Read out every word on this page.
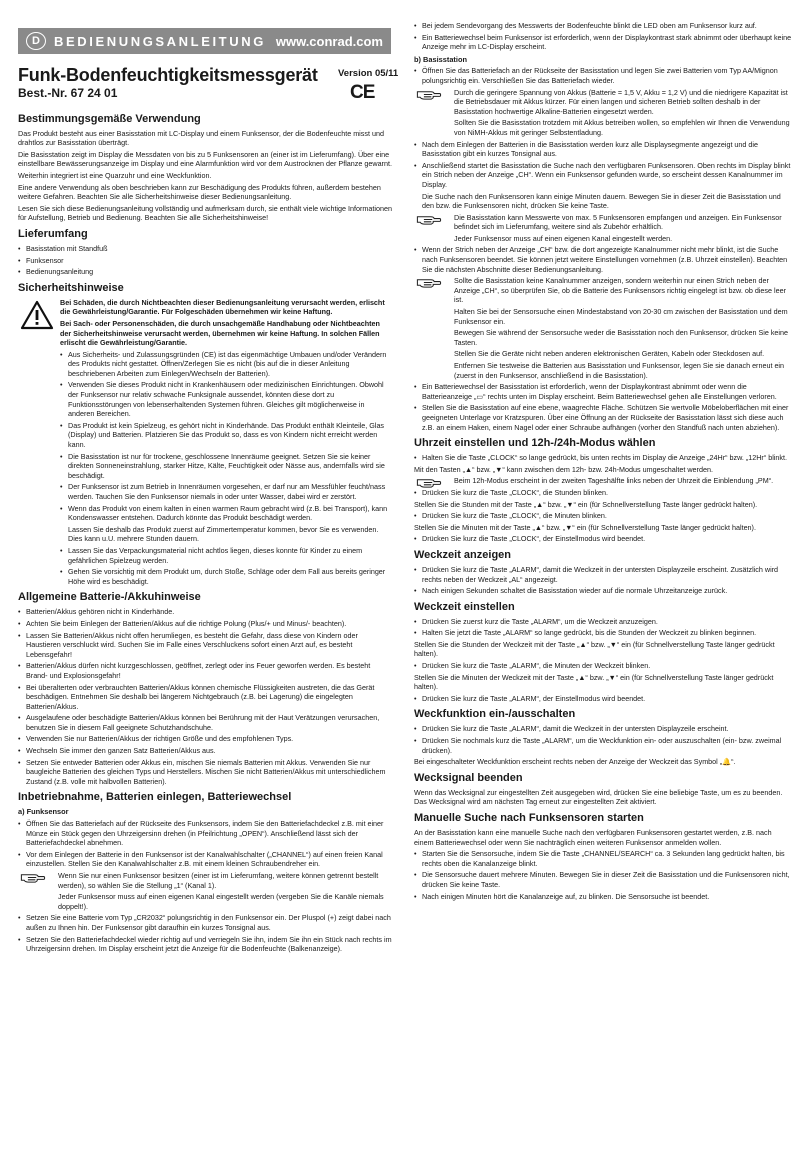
D	BEDIENUNGSANLEITUNG www.conrad.com
Version 05/11
CE
Funk-Bodenfeuchtigkeitsmessgerät
Best.-Nr. 67 24 01
Bestimmungsgemäße Verwendung

Das Produkt besteht aus einer Basisstation mit LC-Display und einem Funksensor, der die Bodenfeuchte misst und drahtlos zur Basisstation überträgt.

Die Basisstation zeigt im Display die Messdaten von bis zu 5 Funksensoren an (einer ist im Lieferumfang). Über eine einstellbare Bewässerungsanzeige im Display und eine Alarmfunktion wird vor dem Austrocknen der Pflanze gewarnt.

Weiterhin integriert ist eine Quarzuhr und eine Weckfunktion.

Eine andere Verwendung als oben beschrieben kann zur Beschädigung des Produkts führen, außerdem bestehen weitere Gefahren. Beachten Sie alle Sicherheitshinweise dieser Bedienungsanleitung.

Lesen Sie sich diese Bedienungsanleitung vollständig und aufmerksam durch, sie enthält viele wichtige Informationen für Aufstellung, Betrieb und Bedienung. Beachten Sie alle Sicherheitshinweise!

Lieferumfang
• Basisstation mit Standfuß
• Funksensor
• Bedienungsanleitung
Sicherheitshinweise

Bei Schäden, die durch Nichtbeachten dieser Bedienungsanleitung verursacht werden, erlischt die Gewährleistung/Garantie. Für Folgeschäden übernehmen wir keine Haftung.

Bei Sach- oder Personenschäden, die durch unsachgemäße Handhabung oder Nichtbeachten der Sicherheitshinweise verursacht werden, übernehmen wir keine Haftung. In solchen Fällen erlischt die Gewährleistung/Garantie.

• Aus Sicherheits- und Zulassungsgründen (CE) ist das eigenmächtige Umbauen und/oder Verändern des Produkts nicht gestattet. Öffnen/Zerlegen Sie es nicht (bis auf die in dieser Anleitung beschriebenen Arbeiten zum Einlegen/Wechseln der Batterien).
• Verwenden Sie dieses Produkt nicht in Krankenhäusern oder medizinischen Einrichtungen. Obwohl der Funksensor nur relativ schwache Funksignale aussendet, könnten diese dort zu Funktionsstörungen von lebenserhaltenden Systemen führen. Gleiches gilt möglicherweise in anderen Bereichen.
• Das Produkt ist kein Spielzeug, es gehört nicht in Kinderhände. Das Produkt enthält Kleinteile, Glas (Display) und Batterien. Platzieren Sie das Produkt so, dass es von Kindern nicht erreicht werden kann.
• Die Basisstation ist nur für trockene, geschlossene Innenräume geeignet. Setzen Sie sie keiner direkten Sonneneinstrahlung, starker Hitze, Kälte, Feuchtigkeit oder Nässe aus, andernfalls wird sie beschädigt.
• Der Funksensor ist zum Betrieb in Innenräumen vorgesehen, er darf nur am Messfühler feucht/nass werden. Tauchen Sie den Funksensor niemals in oder unter Wasser, dabei wird er zerstört.
• Wenn das Produkt von einem kalten in einen warmen Raum gebracht wird (z.B. bei Transport), kann Kondenswasser entstehen. Dadurch könnte das Produkt beschädigt werden.

Lassen Sie deshalb das Produkt zuerst auf Zimmertemperatur kommen, bevor Sie es verwenden. Dies kann u.U. mehrere Stunden dauern.

• Lassen Sie das Verpackungsmaterial nicht achtlos liegen, dieses konnte für Kinder zu einem gefährlichen Spielzeug werden.
• Gehen Sie vorsichtig mit dem Produkt um, durch Stoße, Schläge oder dem Fall aus bereits geringer Höhe wird es beschädigt.
Allgemeine Batterie-/Akkuhinweise
• Batterien/Akkus gehören nicht in Kinderhände.
• Achten Sie beim Einlegen der Batterien/Akkus auf die richtige Polung (Plus/+ und Minus/- beachten).
• Lassen Sie Batterien/Akkus nicht offen herumliegen, es besteht die Gefahr, dass diese von Kindern oder Haustieren verschluckt wird. Suchen Sie im Falle eines Verschluckens sofort einen Arzt auf, es besteht Lebensgefahr!
• Batterien/Akkus dürfen nicht kurzgeschlossen, geöffnet, zerlegt oder ins Feuer geworfen werden. Es besteht Brand- und Explosionsgefahr!
• Bei überalterten oder verbrauchten Batterien/Akkus können chemische Flüssigkeiten austreten, die das Gerät beschädigen. Entnehmen Sie deshalb bei längerem Nichtgebrauch (z.B. bei Lagerung) die eingelegten Batterien/Akkus.
• Ausgelaufene oder beschädigte Batterien/Akkus können bei Berührung mit der Haut Verätzungen verursachen, benutzen Sie in diesem Fall geeignete Schutzhandschuhe.
• Verwenden Sie nur Batterien/Akkus der richtigen Größe und des empfohlenen Typs.
• Wechseln Sie immer den ganzen Satz Batterien/Akkus aus.
• Setzen Sie entweder Batterien oder Akkus ein, mischen Sie niemals Batterien mit Akkus. Verwenden Sie nur baugleiche Batterien des gleichen Typs und Herstellers. Mischen Sie nicht Batterien/Akkus mit unterschiedlichem Zustand (z.B. volle mit halbvollen Batterien).
Inbetriebnahme, Batterien einlegen, Batteriewechsel
a) Funksensor
• Öffnen Sie das Batteriefach auf der Rückseite des Funksensors, indem Sie den Batteriefachdeckel z.B. mit einer Münze ein Stück gegen den Uhrzeigersinn drehen (in Pfeilrichtung „OPEN“). Anschließend lässt sich der Batteriefachdeckel abnehmen.
• Vor dem Einlegen der Batterie in den Funksensor ist der Kanalwahlschalter („CHANNEL“) auf einen freien Kanal einzustellen. Stellen Sie den Kanalwahlschalter z.B. mit einem kleinen Schraubendreher ein.

Wenn Sie nur einen Funksensor besitzen (einer ist im Lieferumfang, weitere können getrennt bestellt werden), so wählen Sie die Stellung „1“ (Kanal 1).

Jeder Funksensor muss auf einen eigenen Kanal eingestellt werden (vergeben Sie die Kanäle niemals doppelt!).

• Setzen Sie eine Batterie vom Typ „CR2032“ polungsrichtig in den Funksensor ein. Der Pluspol (+) zeigt dabei nach außen zu Ihnen hin. Der Funksensor gibt daraufhin ein kurzes Tonsignal aus.
• Setzen Sie den Batteriefachdeckel wieder richtig auf und verriegeln Sie ihn, indem Sie ihn ein Stück nach rechts im Uhrzeigersinn drehen. Im Display erscheint jetzt die Anzeige für die Bodenfeuchte (Balkenanzeige).
• Bei jedem Sendevorgang des Messwerts der Bodenfeuchte blinkt die LED oben am Funksensor kurz auf.
• Ein Batteriewechsel beim Funksensor ist erforderlich, wenn der Displaykontrast stark abnimmt oder überhaupt keine Anzeige mehr im LC-Display erscheint.
b) Basisstation
• Öffnen Sie das Batteriefach an der Rückseite der Basisstation und legen Sie zwei Batterien vom Typ AA/Mignon polungsrichtig ein. Verschließen Sie das Batteriefach wieder.

Durch die geringere Spannung von Akkus (Batterie = 1,5 V, Akku = 1,2 V) und die niedrigere Kapazität ist die Betriebsdauer mit Akkus kürzer. Für einen langen und sicheren Betrieb sollten deshalb in der Basisstation hochwertige Alkaline-Batterien eingesetzt werden.

Sollten Sie die Basisstation trotzdem mit Akkus betreiben wollen, so empfehlen wir Ihnen die Verwendung von NiMH-Akkus mit geringer Selbstentladung.

• Nach dem Einlegen der Batterien in die Basisstation werden kurz alle Displaysegmente angezeigt und die Basisstation gibt ein kurzes Tonsignal aus.
• Anschließend startet die Basisstation die Suche nach den verfügbaren Funksensoren. Oben rechts im Display blinkt ein Strich neben der Anzeige „CH“. Wenn ein Funksensor gefunden wurde, so erscheint dessen Kanalnummer im Display.

Die Suche nach den Funksensoren kann einige Minuten dauern. Bewegen Sie in dieser Zeit die Basisstation und den bzw. die Funksensoren nicht, drücken Sie keine Taste.

Die Basisstation kann Messwerte von max. 5 Funksensoren empfangen und anzeigen. Ein Funksensor befindet sich im Lieferumfang, weitere sind als Zubehör erhältlich.

Jeder Funksensor muss auf einen eigenen Kanal eingestellt werden.

• Wenn der Strich neben der Anzeige „CH“ bzw. die dort angezeigte Kanalnummer nicht mehr blinkt, ist die Suche nach Funksensoren beendet. Sie können jetzt weitere Einstellungen vornehmen (z.B. Uhrzeit einstellen). Beachten Sie die nächsten Abschnitte dieser Bedienungsanleitung.

Sollte die Basisstation keine Kanalnummer anzeigen, sondern weiterhin nur einen Strich neben der Anzeige „CH“, so überprüfen Sie, ob die Batterie des Funksensors richtig eingelegt ist bzw. ob diese leer ist.

Halten Sie bei der Sensorsuche einen Mindestabstand von 20-30 cm zwischen der Basisstation und dem Funksensor ein.

Bewegen Sie während der Sensorsuche weder die Basisstation noch den Funksensor, drücken Sie keine Tasten.

Stellen Sie die Geräte nicht neben anderen elektronischen Geräten, Kabeln oder Steckdosen auf.

Entfernen Sie testweise die Batterien aus Basisstation und Funksensor, legen Sie sie danach erneut ein (zuerst in den Funksensor, anschließend in die Basisstation).

• Ein Batteriewechsel der Basisstation ist erforderlich, wenn der Displaykontrast abnimmt oder wenn die Batterieanzeige „▭“ rechts unten im Display erscheint. Beim Batteriewechsel gehen alle Einstellungen verloren.
• Stellen Sie die Basisstation auf eine ebene, waagrechte Fläche. Schützen Sie wertvolle Möbeloberflächen mit einer geeigneten Unterlage vor Kratzspuren. Über eine Öffnung an der Rückseite der Basisstation lässt sich diese auch z.B. an einem Haken, einem Nagel oder einer Schraube aufhängen (vorher den Standfuß nach unten abziehen).
Uhrzeit einstellen und 12h-/24h-Modus wählen
• Halten Sie die Taste „CLOCK“ so lange gedrückt, bis unten rechts im Display die Anzeige „24Hr“ bzw. „12Hr“ blinkt.

Mit den Tasten „▲“ bzw. „▼“ kann zwischen dem 12h- bzw. 24h-Modus umgeschaltet werden.

Beim 12h-Modus erscheint in der zweiten Tageshälfte links neben der Uhrzeit die Einblendung „PM“.

• Drücken Sie kurz die Taste „CLOCK“, die Stunden blinken.

Stellen Sie die Stunden mit der Taste „▲“ bzw. „▼“ ein (für Schnellverstellung Taste länger gedrückt halten).

• Drücken Sie kurz die Taste „CLOCK“, die Minuten blinken.

Stellen Sie die Minuten mit der Taste „▲“ bzw. „▼“ ein (für Schnellverstellung Taste länger gedrückt halten).

• Drücken Sie kurz die Taste „CLOCK“, der Einstellmodus wird beendet.
Weckzeit anzeigen
• Drücken Sie kurz die Taste „ALARM“, damit die Weckzeit in der untersten Displayzeile erscheint. Zusätzlich wird rechts neben der Weckzeit „AL“ angezeigt.
• Nach einigen Sekunden schaltet die Basisstation wieder auf die normale Uhrzeitanzeige zurück.
Weckzeit einstellen
• Drücken Sie zuerst kurz die Taste „ALARM“, um die Weckzeit anzuzeigen.
• Halten Sie jetzt die Taste „ALARM“ so lange gedrückt, bis die Stunden der Weckzeit zu blinken beginnen.

Stellen Sie die Stunden der Weckzeit mit der Taste „▲“ bzw. „▼“ ein (für Schnellverstellung Taste länger gedrückt halten).

• Drücken Sie kurz die Taste „ALARM“, die Minuten der Weckzeit blinken.

Stellen Sie die Minuten der Weckzeit mit der Taste „▲“ bzw. „▼“ ein (für Schnellverstellung Taste länger gedrückt halten).

• Drücken Sie kurz die Taste „ALARM“, der Einstellmodus wird beendet.
Weckfunktion ein-/ausschalten
• Drücken Sie kurz die Taste „ALARM“, damit die Weckzeit in der untersten Displayzeile erscheint.
• Drücken Sie nochmals kurz die Taste „ALARM“, um die Weckfunktion ein- oder auszuschalten (ein- bzw. zweimal drücken).

Bei eingeschalteter Weckfunktion erscheint rechts neben der Anzeige der Weckzeit das Symbol „🔔“.

Wecksignal beenden

Wenn das Wecksignal zur eingestellten Zeit ausgegeben wird, drücken Sie eine beliebige Taste, um es zu beenden. Das Wecksignal wird am nächsten Tag erneut zur eingestellten Zeit aktiviert.

Manuelle Suche nach Funksensoren starten

An der Basisstation kann eine manuelle Suche nach den verfügbaren Funksensoren gestartet werden, z.B. nach einem Batteriewechsel oder wenn Sie nachträglich einen weiteren Funksensor anmelden wollen.

• Starten Sie die Sensorsuche, indem Sie die Taste „CHANNEL/SEARCH“ ca. 3 Sekunden lang gedrückt halten, bis rechts oben die Kanalanzeige blinkt.
• Die Sensorsuche dauert mehrere Minuten. Bewegen Sie in dieser Zeit die Basisstation und die Funksensoren nicht, drücken Sie keine Taste.
• Nach einigen Minuten hört die Kanalanzeige auf, zu blinken. Die Sensorsuche ist beendet.
